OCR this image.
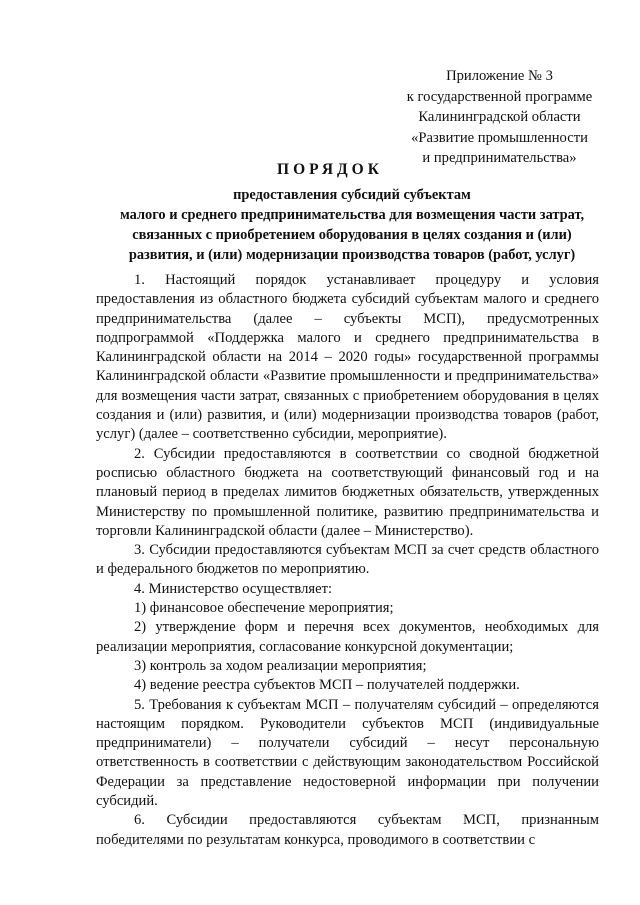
Приложение № 3
к государственной программе
Калининградской области
«Развитие промышленности
и предпринимательства»
ПОРЯДОК
предоставления субсидий субъектам
малого и среднего предпринимательства для возмещения части затрат,
связанных с приобретением оборудования в целях создания и (или)
развития, и (или) модернизации производства товаров (работ, услуг)

1. Настоящий порядок устанавливает процедуру и условия предоставления из областного бюджета субсидий субъектам малого и среднего предпринимательства (далее – субъекты МСП), предусмотренных подпрограммой «Поддержка малого и среднего предпринимательства в Калининградской области на 2014 – 2020 годы» государственной программы Калининградской области «Развитие промышленности и предпринимательства» для возмещения части затрат, связанных с приобретением оборудования в целях создания и (или) развития, и (или) модернизации производства товаров (работ, услуг) (далее – соответственно субсидии, мероприятие).

2. Субсидии предоставляются в соответствии со сводной бюджетной росписью областного бюджета на соответствующий финансовый год и на плановый период в пределах лимитов бюджетных обязательств, утвержденных Министерству по промышленной политике, развитию предпринимательства и торговли Калининградской области (далее – Министерство).

3. Субсидии предоставляются субъектам МСП за счет средств областного и федерального бюджетов по мероприятию.

4. Министерство осуществляет:

1) финансовое обеспечение мероприятия;

2) утверждение форм и перечня всех документов, необходимых для реализации мероприятия, согласование конкурсной документации;

3) контроль за ходом реализации мероприятия;

4) ведение реестра субъектов МСП – получателей поддержки.

5. Требования к субъектам МСП – получателям субсидий – определяются настоящим порядком. Руководители субъектов МСП (индивидуальные предприниматели) – получатели субсидий – несут персональную ответственность в соответствии с действующим законодательством Российской Федерации за представление недостоверной информации при получении субсидий.

6. Субсидии предоставляются субъектам МСП, признанным победителями по результатам конкурса, проводимого в соответствии с
